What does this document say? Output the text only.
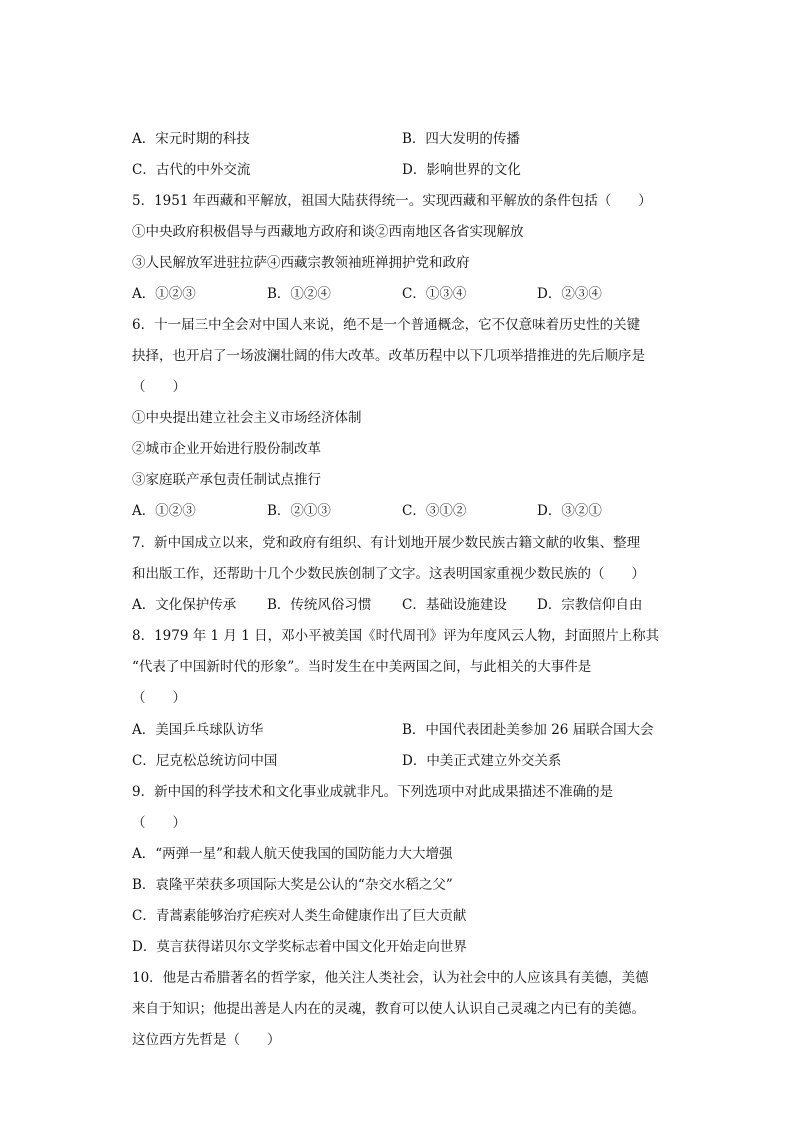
A．宋元时期的科技	B．四大发明的传播
C．古代的中外交流	D．影响世界的文化
5．1951 年西藏和平解放，祖国大陆获得统一。实现西藏和平解放的条件包括（　　）
①中央政府积极倡导与西藏地方政府和谈②西南地区各省实现解放
③人民解放军进驻拉萨④西藏宗教领袖班禅拥护党和政府
A．①②③	B．①②④	C．①③④	D．②③④
6．十一届三中全会对中国人来说，绝不是一个普通概念，它不仅意味着历史性的关键
抉择，也开启了一场波澜壮阔的伟大改革。改革历程中以下几项举措推进的先后顺序是
（　　）
①中央提出建立社会主义市场经济体制
②城市企业开始进行股份制改革
③家庭联产承包责任制试点推行
A．①②③	B．②①③	C．③①②	D．③②①
7．新中国成立以来，党和政府有组织、有计划地开展少数民族古籍文献的收集、整理
和出版工作，还帮助十几个少数民族创制了文字。这表明国家重视少数民族的（　　）
A．文化保护传承	B．传统风俗习惯	C．基础设施建设	D．宗教信仰自由
8．1979 年 1 月 1 日，邓小平被美国《时代周刊》评为年度风云人物，封面照片上称其
“代表了中国新时代的形象”。当时发生在中美两国之间，与此相关的大事件是
（　　）
A．美国乒乓球队访华	B．中国代表团赴美参加 26 届联合国大会
C．尼克松总统访问中国	D．中美正式建立外交关系
9．新中国的科学技术和文化事业成就非凡。下列选项中对此成果描述不准确的是
（　　）
A．“两弹一星”和载人航天使我国的国防能力大大增强
B．袁隆平荣获多项国际大奖是公认的“杂交水稻之父”
C．青蒿素能够治疗疟疾对人类生命健康作出了巨大贡献
D．莫言获得诺贝尔文学奖标志着中国文化开始走向世界
10．他是古希腊著名的哲学家，他关注人类社会，认为社会中的人应该具有美德，美德
来自于知识；他提出善是人内在的灵魂，教育可以使人认识自己灵魂之内已有的美德。
这位西方先哲是（　　）
